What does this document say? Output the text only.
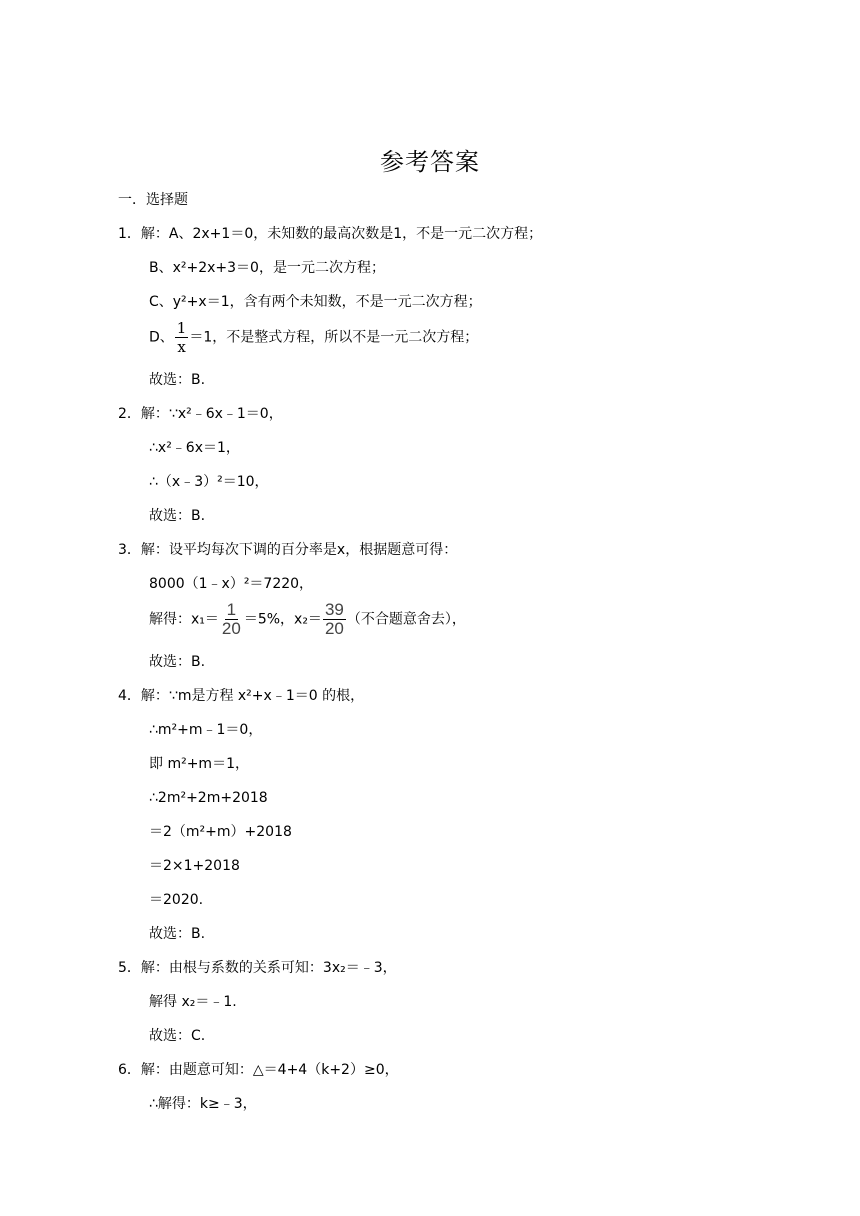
参考答案
一．选择题
1．解：A、2x+1＝0，未知数的最高次数是1，不是一元二次方程；
B、x²+2x+3＝0，是一元二次方程；
C、y²+x＝1，含有两个未知数，不是一元二次方程；
D、 $\frac{1}{x} =1$，不是整式方程，所以不是一元二次方程；
故选：B.
2．解：∵x²﹣6x﹣1＝0，
∴x²﹣6x＝1，
∴（x﹣3）²＝10，
故选：B.
3．解：设平均每次下调的百分率是x，根据题意可得：
8000（1﹣x）²＝7220，
解得：$x_1= \frac{1}{20} =5\%$，$x_2= \frac{39}{20}$ （不合题意舍去），
故选：B.
4．解：∵m是方程 x²+x﹣1＝0 的根，
∴m²+m﹣1＝0，
即 m²+m＝1，
∴2m²+2m+2018
＝2（m²+m）+2018
＝2×1+2018
＝2020.
故选：B.
5．解：由根与系数的关系可知：3x₂＝﹣3，
解得 x₂＝﹣1.
故选：C.
6．解：由题意可知：△＝4+4（k+2）≥0，
∴解得：k≥﹣3，
